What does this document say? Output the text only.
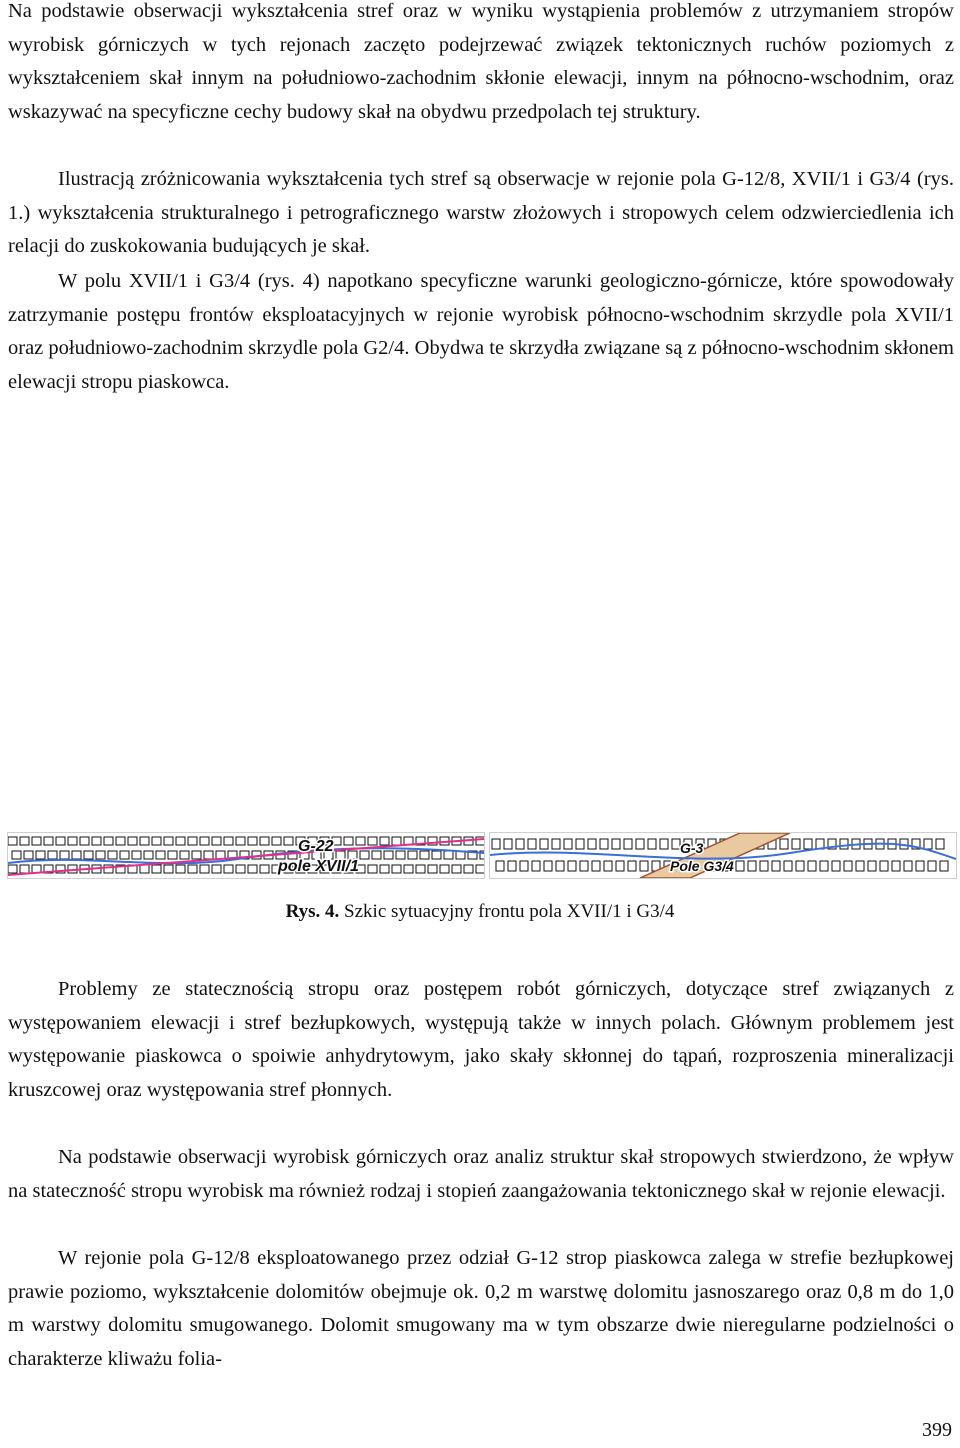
Na podstawie obserwacji wykształcenia stref oraz w wyniku wystąpienia problemów z utrzymaniem stropów wyrobisk górniczych w tych rejonach zaczęto podejrzewać związek tektonicznych ruchów poziomych z wykształceniem skał innym na południowo-zachodnim skłonie elewacji, innym na północno-wschodnim, oraz wskazywać na specyficzne cechy budowy skał na obydwu przedpolach tej struktury.

Ilustracją zróżnicowania wykształcenia tych stref są obserwacje w rejonie pola G-12/8, XVII/1 i G3/4 (rys. 1.) wykształcenia strukturalnego i petrograficznego warstw złożowych i stropowych celem odzwierciedlenia ich relacji do zuskokowania budujących je skał.

W polu XVII/1 i G3/4 (rys. 4) napotkano specyficzne warunki geologiczno-górnicze, które spowodowały zatrzymanie postępu frontów eksploatacyjnych w rejonie wyrobisk północno-wschodnim skrzydle pola XVII/1 oraz południowo-zachodnim skrzydle pola G2/4. Obydwa te skrzydła związane są z północno-wschodnim skłonem elewacji stropu piaskowca.

Rys. 4. Szkic sytuacyjny frontu pola XVII/1 i G3/4

Problemy ze statecznością stropu oraz postępem robót górniczych, dotyczące stref związanych z występowaniem elewacji i stref bezłupkowych, występują także w innych polach. Głównym problemem jest występowanie piaskowca o spoiwie anhydrytowym, jako skały skłonnej do tąpań, rozproszenia mineralizacji kruszcowej oraz występowania stref płonnych.

Na podstawie obserwacji wyrobisk górniczych oraz analiz struktur skał stropowych stwierdzono, że wpływ na stateczność stropu wyrobisk ma również rodzaj i stopień zaangażowania tektonicznego skał w rejonie elewacji.

W rejonie pola G-12/8 eksploatowanego przez odział G-12 strop piaskowca zalega w strefie bezłupkowej prawie poziomo, wykształcenie dolomitów obejmuje ok. 0,2 m warstwę dolomitu jasnoszarego oraz 0,8 m do 1,0 m warstwy dolomitu smugowanego. Dolomit smugowany ma w tym obszarze dwie nieregularne podzielności o charakterze kliważu folia-

399
G-22
pole XVII/1
G-3
Pole G3/4
